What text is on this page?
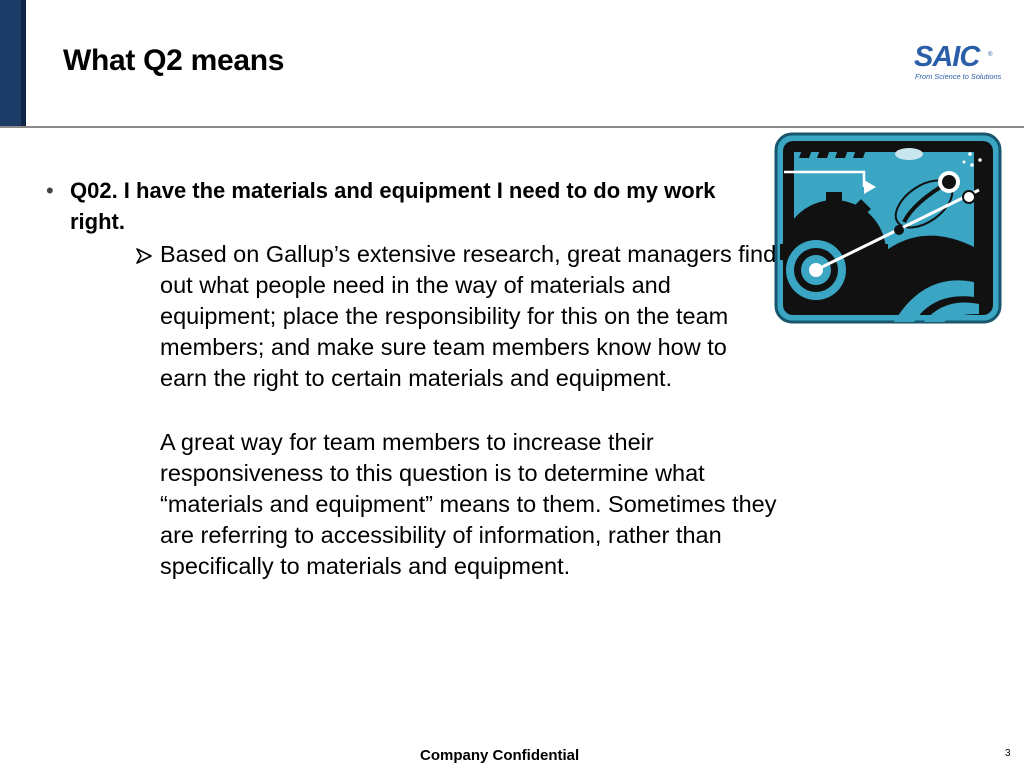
What Q2 means	SAIC ®
From Science to Solutions
• Q02. I have the materials and equipment I need to do my work right.
Based on Gallup’s extensive research, great managers find out what people need in the way of materials and equipment; place the responsibility for this on the team members; and make sure team members know how to earn the right to certain materials and equipment.
A great way for team members to increase their responsiveness to this question is to determine what “materials and equipment” means to them. Sometimes they are referring to accessibility of information, rather than specifically to materials and equipment.
Company Confidential	3
